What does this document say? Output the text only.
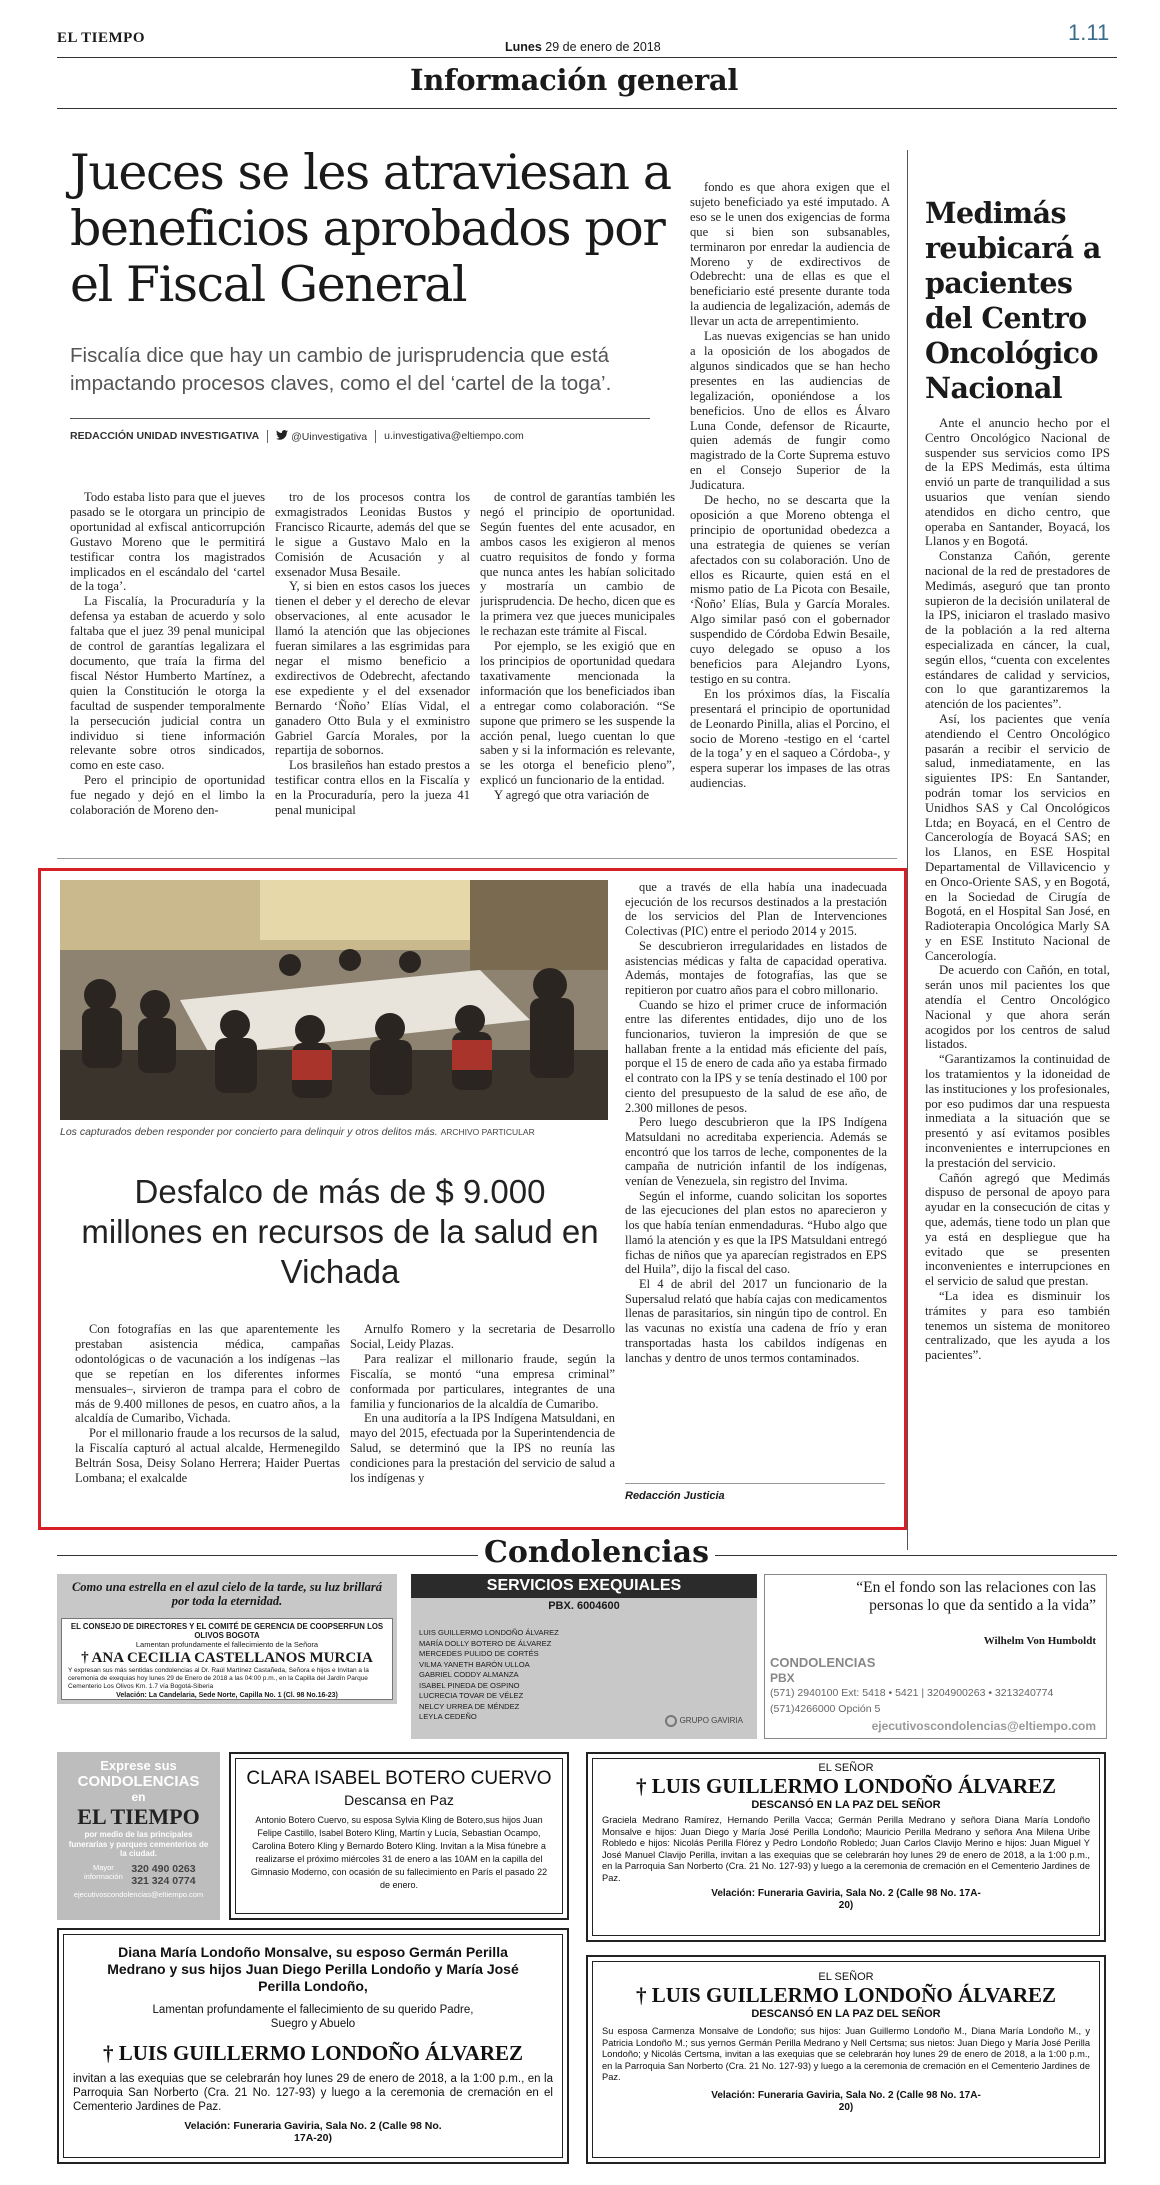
EL TIEMPO
Lunes 29 de enero de 2018
1.11
Información general
Jueces se les atraviesan a beneficios aprobados por el Fiscal General
Fiscalía dice que hay un cambio de jurisprudencia que está impactando procesos claves, como el del ‘cartel de la toga’.
REDACCIÓN UNIDAD INVESTIGATIVA	@Uinvestigativa	u.investigativa@eltiempo.com

fondo es que ahora exigen que el sujeto beneficiado ya esté imputado. A eso se le unen dos exigencias de forma que si bien son subsanables, terminaron por enredar la audiencia de Moreno y de exdirectivos de Odebrecht: una de ellas es que el beneficiario esté presente durante toda la audiencia de legalización, además de llevar un acta de arrepentimiento.

Las nuevas exigencias se han unido a la oposición de los abogados de algunos sindicados que se han hecho presentes en las audiencias de legalización, oponiéndose a los beneficios. Uno de ellos es Álvaro Luna Conde, defensor de Ricaurte, quien además de fungir como magistrado de la Corte Suprema estuvo en el Consejo Superior de la Judicatura.

De hecho, no se descarta que la oposición a que Moreno obtenga el principio de oportunidad obedezca a una estrategia de quienes se verían afectados con su colaboración. Uno de ellos es Ricaurte, quien está en el mismo patio de La Picota con Besaile, ‘Ñoño’ Elías, Bula y García Morales. Algo similar pasó con el gobernador suspendido de Córdoba Edwin Besaile, cuyo delegado se opuso a los beneficios para Alejandro Lyons, testigo en su contra.

En los próximos días, la Fiscalía presentará el principio de oportunidad de Leonardo Pinilla, alias el Porcino, el socio de Moreno -testigo en el ‘cartel de la toga’ y en el saqueo a Córdoba-, y espera superar los impases de las otras audiencias.

Todo estaba listo para que el jueves pasado se le otorgara un principio de oportunidad al exfiscal anticorrupción Gustavo Moreno que le permitirá testificar contra los magistrados implicados en el escándalo del ‘cartel de la toga’.

La Fiscalía, la Procuraduría y la defensa ya estaban de acuerdo y solo faltaba que el juez 39 penal municipal de control de garantías legalizara el documento, que traía la firma del fiscal Néstor Humberto Martínez, a quien la Constitución le otorga la facultad de suspender temporalmente la persecución judicial contra un individuo si tiene información relevante sobre otros sindicados, como en este caso.

Pero el principio de oportunidad fue negado y dejó en el limbo la colaboración de Moreno den-

tro de los procesos contra los exmagistrados Leonidas Bustos y Francisco Ricaurte, además del que se le sigue a Gustavo Malo en la Comisión de Acusación y al exsenador Musa Besaile.

Y, si bien en estos casos los jueces tienen el deber y el derecho de elevar observaciones, al ente acusador le llamó la atención que las objeciones fueran similares a las esgrimidas para negar el mismo beneficio a exdirectivos de Odebrecht, afectando ese expediente y el del exsenador Bernardo ‘Ñoño’ Elías Vidal, el ganadero Otto Bula y el exministro Gabriel García Morales, por la repartija de sobornos.

Los brasileños han estado prestos a testificar contra ellos en la Fiscalía y en la Procuraduría, pero la jueza 41 penal municipal

de control de garantías también les negó el principio de oportunidad. Según fuentes del ente acusador, en ambos casos les exigieron al menos cuatro requisitos de fondo y forma que nunca antes les habían solicitado y mostraría un cambio de jurisprudencia. De hecho, dicen que es la primera vez que jueces municipales le rechazan este trámite al Fiscal.

Por ejemplo, se les exigió que en los principios de oportunidad quedara taxativamente mencionada la información que los beneficiados iban a entregar como colaboración. “Se supone que primero se les suspende la acción penal, luego cuentan lo que saben y si la información es relevante, se les otorga el beneficio pleno”, explicó un funcionario de la entidad.

Y agregó que otra variación de

Medimás reubicará a pacientes del Centro Oncológico Nacional

Ante el anuncio hecho por el Centro Oncológico Nacional de suspender sus servicios como IPS de la EPS Medimás, esta última envió un parte de tranquilidad a sus usuarios que venían siendo atendidos en dicho centro, que operaba en Santander, Boyacá, los Llanos y en Bogotá.

Constanza Cañón, gerente nacional de la red de prestadores de Medimás, aseguró que tan pronto supieron de la decisión unilateral de la IPS, iniciaron el traslado masivo de la población a la red alterna especializada en cáncer, la cual, según ellos, “cuenta con excelentes estándares de calidad y servicios, con lo que garantizaremos la atención de los pacientes”.

Así, los pacientes que venía atendiendo el Centro Oncológico pasarán a recibir el servicio de salud, inmediatamente, en las siguientes IPS: En Santander, podrán tomar los servicios en Unidhos SAS y Cal Oncológicos Ltda; en Boyacá, en el Centro de Cancerología de Boyacá SAS; en los Llanos, en ESE Hospital Departamental de Villavicencio y en Onco-Oriente SAS, y en Bogotá, en la Sociedad de Cirugía de Bogotá, en el Hospital San José, en Radioterapia Oncológica Marly SA y en ESE Instituto Nacional de Cancerología.

De acuerdo con Cañón, en total, serán unos mil pacientes los que atendía el Centro Oncológico Nacional y que ahora serán acogidos por los centros de salud listados.

“Garantizamos la continuidad de los tratamientos y la idoneidad de las instituciones y los profesionales, por eso pudimos dar una respuesta inmediata a la situación que se presentó y así evitamos posibles inconvenientes e interrupciones en la prestación del servicio.

Cañón agregó que Medimás dispuso de personal de apoyo para ayudar en la consecución de citas y que, además, tiene todo un plan que ya está en despliegue que ha evitado que se presenten inconvenientes e interrupciones en el servicio de salud que prestan.

“La idea es disminuir los trámites y para eso también tenemos un sistema de monitoreo centralizado, que les ayuda a los pacientes”.

Los capturados deben responder por concierto para delinquir y otros delitos más. ARCHIVO PARTICULAR
Desfalco de más de $ 9.000 millones en recursos de la salud en Vichada

Con fotografías en las que aparentemente les prestaban asistencia médica, campañas odontológicas o de vacunación a los indígenas –las que se repetían en los diferentes informes mensuales–, sirvieron de trampa para el cobro de más de 9.400 millones de pesos, en cuatro años, a la alcaldía de Cumaribo, Vichada.

Por el millonario fraude a los recursos de la salud, la Fiscalía capturó al actual alcalde, Hermenegildo Beltrán Sosa, Deisy Solano Herrera; Haider Puertas Lombana; el exalcalde

Arnulfo Romero y la secretaria de Desarrollo Social, Leidy Plazas.

Para realizar el millonario fraude, según la Fiscalía, se montó “una empresa criminal” conformada por particulares, integrantes de una familia y funcionarios de la alcaldía de Cumaribo.

En una auditoría a la IPS Indígena Matsuldani, en mayo del 2015, efectuada por la Superintendencia de Salud, se determinó que la IPS no reunía las condiciones para la prestación del servicio de salud a los indígenas y

que a través de ella había una inadecuada ejecución de los recursos destinados a la prestación de los servicios del Plan de Intervenciones Colectivas (PIC) entre el periodo 2014 y 2015.

Se descubrieron irregularidades en listados de asistencias médicas y falta de capacidad operativa. Además, montajes de fotografías, las que se repitieron por cuatro años para el cobro millonario.

Cuando se hizo el primer cruce de información entre las diferentes entidades, dijo uno de los funcionarios, tuvieron la impresión de que se hallaban frente a la entidad más eficiente del país, porque el 15 de enero de cada año ya estaba firmado el contrato con la IPS y se tenía destinado el 100 por ciento del presupuesto de la salud de ese año, de 2.300 millones de pesos.

Pero luego descubrieron que la IPS Indígena Matsuldani no acreditaba experiencia. Además se encontró que los tarros de leche, componentes de la campaña de nutrición infantil de los indígenas, venían de Venezuela, sin registro del Invima.

Según el informe, cuando solicitan los soportes de las ejecuciones del plan estos no aparecieron y los que había tenían enmendaduras. “Hubo algo que llamó la atención y es que la IPS Matsuldani entregó fichas de niños que ya aparecían registrados en EPS del Huila”, dijo la fiscal del caso.

El 4 de abril del 2017 un funcionario de la Supersalud relató que había cajas con medicamentos llenas de parasitarios, sin ningún tipo de control. En las vacunas no existía una cadena de frío y eran transportadas hasta los cabildos indígenas en lanchas y dentro de unos termos contaminados.

Redacción Justicia
Condolencias
Como una estrella en el azul cielo de la tarde, su luz brillará por toda la eternidad.
EL CONSEJO DE DIRECTORES Y EL COMITÉ DE GERENCIA DE COOPSERFUN LOS OLIVOS BOGOTA
Lamentan profundamente el fallecimiento de la Señora
† ANA CECILIA CASTELLANOS MURCIA
Y expresan sus más sentidas condolencias al Dr. Raúl Martínez Castañeda, Señora e hijos e Invitan a la ceremonia de exequias hoy lunes 29 de Enero de 2018 a las 04:00 p.m., en la Capilla del Jardín Parque Cementerio Los Olivos Km. 1.7 vía Bogotá-Siberia
Velación: La Candelaria, Sede Norte, Capilla No. 1 (Cl. 98 No.16-23)
SERVICIOS EXEQUIALES
PBX. 6004600
LUIS GUILLERMO LONDOÑO ÁLVAREZ
MARÍA DOLLY BOTERO DE ÁLVAREZ
MERCEDES PULIDO DE CORTÉS
VILMA YANETH BARÓN ULLOA
GABRIEL CODDY ALMANZA
ISABEL PINEDA DE OSPINO
LUCRECIA TOVAR DE VÉLEZ
NELCY URREA DE MÉNDEZ
LEYLA CEDEÑO	GRUPO GAVIRIA
“En el fondo son las relaciones con las personas lo que da sentido a la vida”
Wilhelm Von Humboldt
CONDOLENCIAS
PBX
(571) 2940100 Ext: 5418 • 5421 | 3204900263 • 3213240774
(571)4266000 Opción 5
ejecutivoscondolencias@eltiempo.com
Exprese sus
CONDOLENCIAS
en
EL TIEMPO
por medio de las principales funerarias y parques cementerios de la ciudad.
Mayor información
320 490 0263
321 324 0774
ejecutivoscondolencias@eltiempo.com
CLARA ISABEL BOTERO CUERVO
Descansa en Paz
Antonio Botero Cuervo, su esposa Sylvia Kling de Botero,sus hijos Juan Felipe Castillo, Isabel Botero Kling, Martín y Lucía, Sebastian Ocampo, Carolina Botero Kling y Bernardo Botero Kling. Invitan a la Misa fúnebre a realizarse el próximo miércoles 31 de enero a las 10AM en la capilla del Gimnasio Moderno, con ocasión de su fallecimiento en París el pasado 22 de enero.
EL SEÑOR
† LUIS GUILLERMO LONDOÑO ÁLVAREZ
DESCANSÓ EN LA PAZ DEL SEÑOR
Graciela Medrano Ramírez, Hernando Perilla Vacca; Germán Perilla Medrano y señora Diana María Londoño Monsalve e hijos: Juan Diego y María José Perilla Londoño; Mauricio Perilla Medrano y señora Ana Milena Uribe Robledo e hijos: Nicolás Perilla Flórez y Pedro Londoño Robledo; Juan Carlos Clavijo Merino e hijos: Juan Miguel Y José Manuel Clavijo Perilla, invitan a las exequias que se celebrarán hoy lunes 29 de enero de 2018, a la 1:00 p.m., en la Parroquia San Norberto (Cra. 21 No. 127-93) y luego a la ceremonia de cremación en el Cementerio Jardines de Paz.
Velación: Funeraria Gaviria, Sala No. 2 (Calle 98 No. 17A-20)
Diana María Londoño Monsalve, su esposo Germán Perilla Medrano y sus hijos Juan Diego Perilla Londoño y María José Perilla Londoño,
Lamentan profundamente el fallecimiento de su querido Padre, Suegro y Abuelo
† LUIS GUILLERMO LONDOÑO ÁLVAREZ
invitan a las exequias que se celebrarán hoy lunes 29 de enero de 2018, a la 1:00 p.m., en la Parroquia San Norberto (Cra. 21 No. 127-93) y luego a la ceremonia de cremación en el Cementerio Jardines de Paz.
Velación: Funeraria Gaviria, Sala No. 2 (Calle 98 No. 17A-20)
EL SEÑOR
† LUIS GUILLERMO LONDOÑO ÁLVAREZ
DESCANSÓ EN LA PAZ DEL SEÑOR
Su esposa Carmenza Monsalve de Londoño; sus hijos: Juan Guillermo Londoño M., Diana María Londoño M., y Patricia Londoño M.; sus yernos Germán Perilla Medrano y Nell Certsma; sus nietos: Juan Diego y María José Perilla Londoño; y Nicolás Certsma, invitan a las exequias que se celebrarán hoy lunes 29 de enero de 2018, a la 1:00 p.m., en la Parroquia San Norberto (Cra. 21 No. 127-93) y luego a la ceremonia de cremación en el Cementerio Jardines de Paz.
Velación: Funeraria Gaviria, Sala No. 2 (Calle 98 No. 17A-20)
